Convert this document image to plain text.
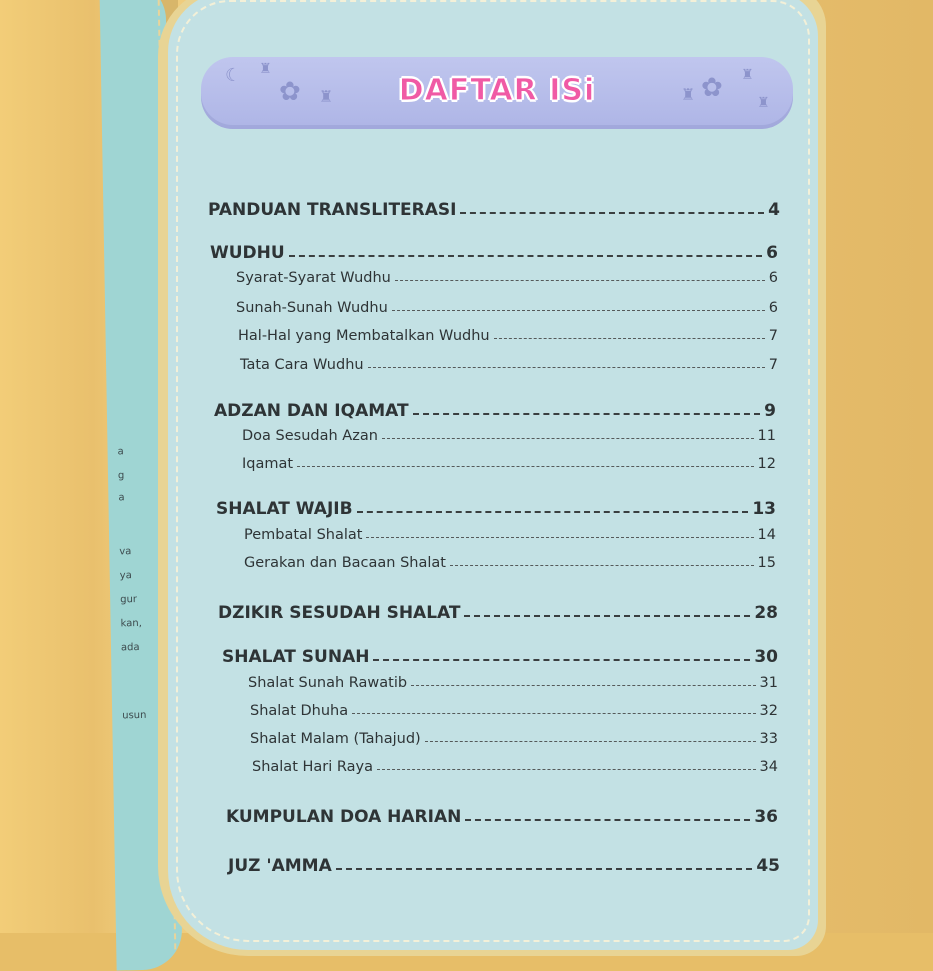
a
g
a
va
ya
gur
kan,
ada
usun
☾ ♜
✿ ♜	♜ ✿ ♜
♜
DAFTAR ISi
PANDUAN TRANSLITERASI	4
WUDHU	6
Syarat-Syarat Wudhu	6
Sunah-Sunah Wudhu	6
Hal-Hal yang Membatalkan Wudhu	7
Tata Cara Wudhu	7
ADZAN DAN IQAMAT	9
Doa Sesudah Azan	11
Iqamat	12
SHALAT WAJIB	13
Pembatal Shalat	14
Gerakan dan Bacaan Shalat	15
DZIKIR SESUDAH SHALAT	28
SHALAT SUNAH	30
Shalat Sunah Rawatib	31
Shalat Dhuha	32
Shalat Malam (Tahajud)	33
Shalat Hari Raya	34
KUMPULAN DOA HARIAN	36
JUZ 'AMMA	45
